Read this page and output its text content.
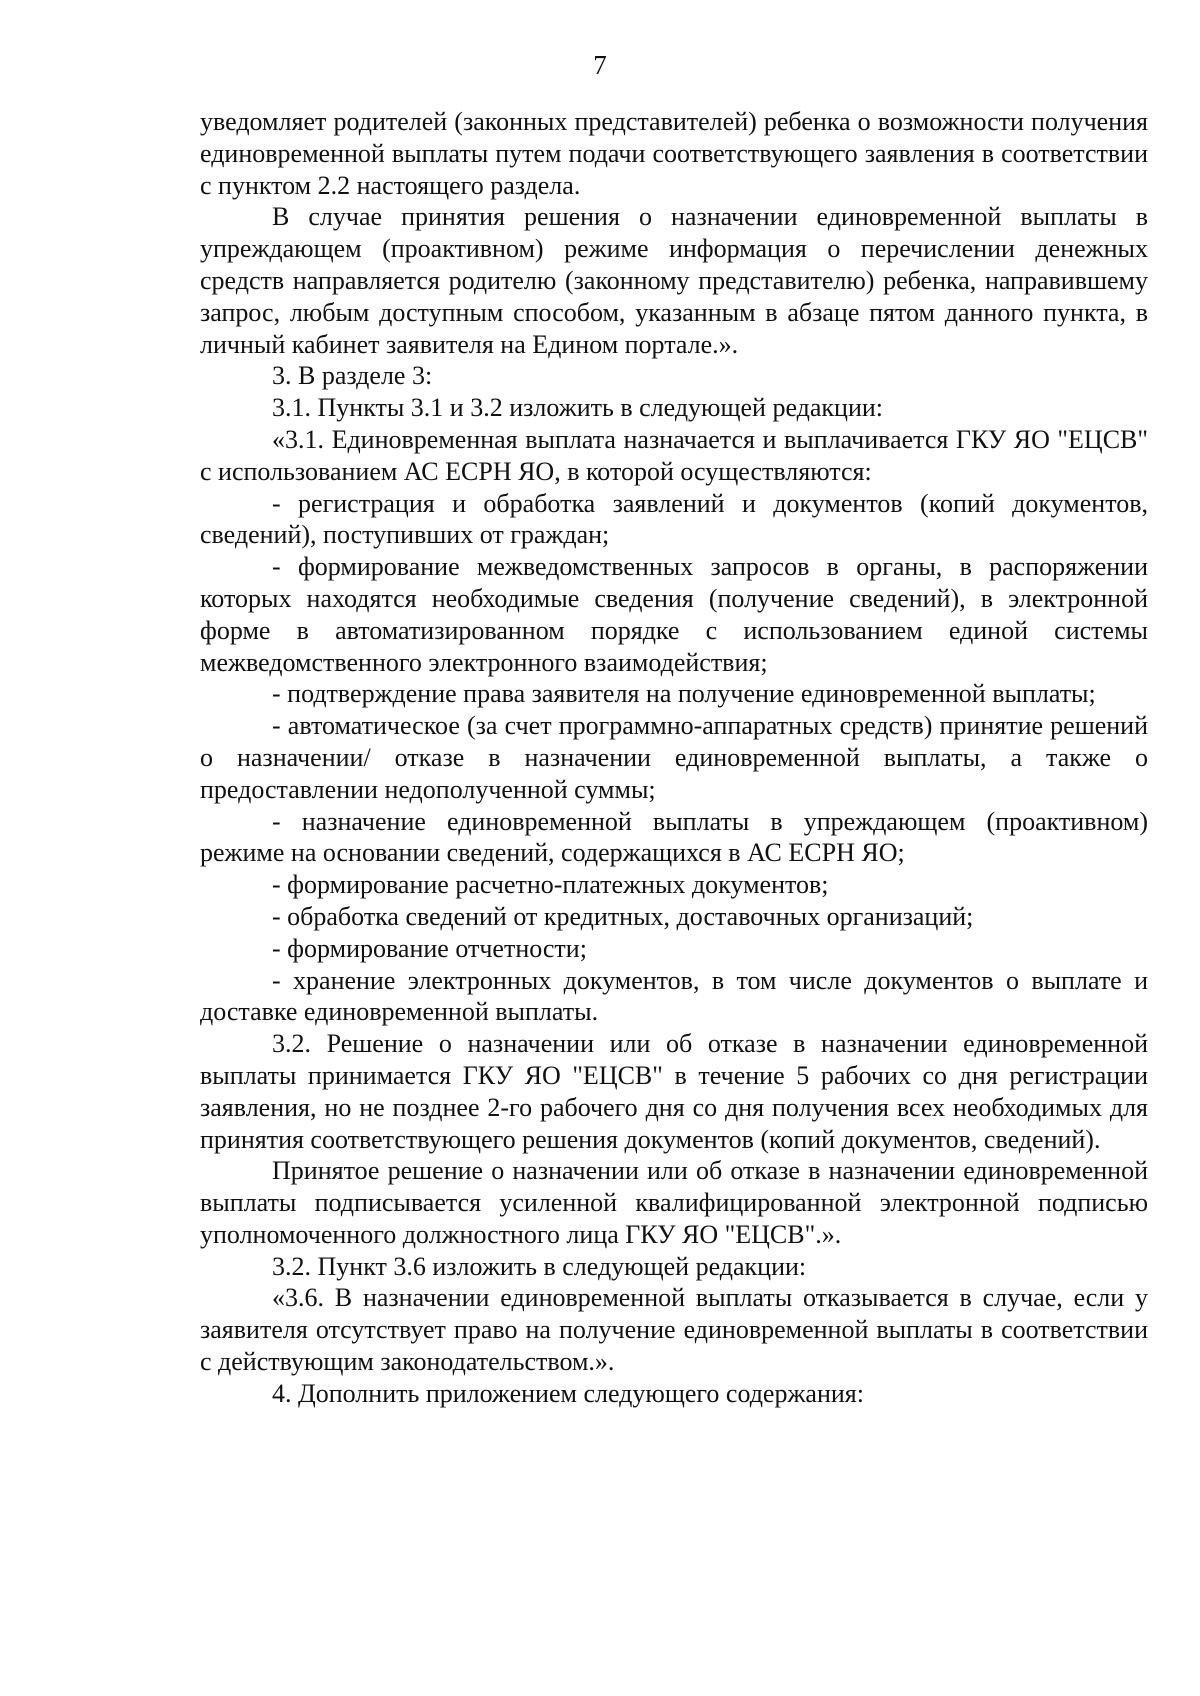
7

уведомляет родителей (законных представителей) ребенка о возможности получения единовременной выплаты путем подачи соответствующего заявления в соответствии с пунктом 2.2 настоящего раздела.

В случае принятия решения о назначении единовременной выплаты в упреждающем (проактивном) режиме информация о перечислении денежных средств направляется родителю (законному представителю) ребенка, направившему запрос, любым доступным способом, указанным в абзаце пятом данного пункта, в личный кабинет заявителя на Едином портале.».

3. В разделе 3:

3.1. Пункты 3.1 и 3.2 изложить в следующей редакции:

«3.1. Единовременная выплата назначается и выплачивается ГКУ ЯО "ЕЦСВ" с использованием АС ЕСРН ЯО, в которой осуществляются:

- регистрация и обработка заявлений и документов (копий документов, сведений), поступивших от граждан;

- формирование межведомственных запросов в органы, в распоряжении которых находятся необходимые сведения (получение сведений), в электронной форме в автоматизированном порядке с использованием единой системы межведомственного электронного взаимодействия;

- подтверждение права заявителя на получение единовременной выплаты;

- автоматическое (за счет программно-аппаратных средств) принятие решений о назначении/ отказе в назначении единовременной выплаты, а также о предоставлении недополученной суммы;

- назначение единовременной выплаты в упреждающем (проактивном) режиме на основании сведений, содержащихся в АС ЕСРН ЯО;

- формирование расчетно-платежных документов;

- обработка сведений от кредитных, доставочных организаций;

- формирование отчетности;

- хранение электронных документов, в том числе документов о выплате и доставке единовременной выплаты.

3.2. Решение о назначении или об отказе в назначении единовременной выплаты принимается ГКУ ЯО "ЕЦСВ" в течение 5 рабочих со дня регистрации заявления, но не позднее 2-го рабочего дня со дня получения всех необходимых для принятия соответствующего решения документов (копий документов, сведений).

Принятое решение о назначении или об отказе в назначении единовременной выплаты подписывается усиленной квалифицированной электронной подписью уполномоченного должностного лица ГКУ ЯО "ЕЦСВ".».

3.2. Пункт 3.6 изложить в следующей редакции:

«3.6. В назначении единовременной выплаты отказывается в случае, если у заявителя отсутствует право на получение единовременной выплаты в соответствии с действующим законодательством.».

4. Дополнить приложением следующего содержания:
